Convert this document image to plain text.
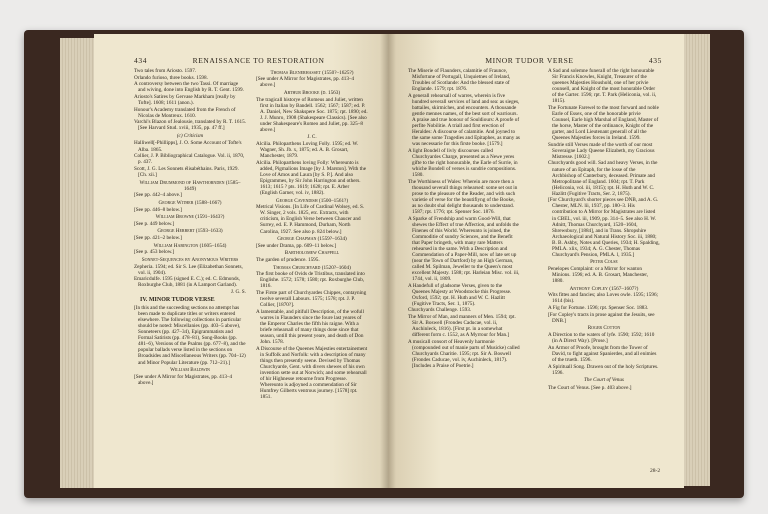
434	RENAISSANCE TO RESTORATION

Two tales from Ariosto. 1597.

Orlando furioso, three books. 1598.

A controversy between the two Tassi. Of marriage and wiving, done into English by R. T. Gent. 1599.

Ariosto's Satires by Gervase Markham [really by Tofte]. 1608; 1611 (anon.).

Honour's Academy translated from the French of Nicolas de Montreux. 1610.

Varchi's Blazon of Jealousie, translated by R. T. 1615. [See Harvard Stud. xviii, 1935, pp. 47 ff.]

(c) Criticism

Halliwell[-Phillipps], J. O. Some Account of Tofte's Alba. 1865.

Collier, J. P. Bibliographical Catalogue. Vol. ii, 1870, p. 437.

Scott, J. G. Les Sonnets élisabéthains. Paris, 1929. [Ch. xii.]

William Drummond of Hawthornden (1585–1649)

[See pp. 442–4 above.]

George Wither (1588–1667)

[See pp. 446–8 below.]

William Browne (1591–1643?)

[See p. 449 below.]

George Herbert (1593–1633)

[See pp. 421–2 below.]

William Habington (1605–1654)

[See p. 453 below.]

Sonnet-Sequences by Anonymous Writers

Zepheria. 1594; ed. Sir S. Lee (Elizabethan Sonnets, vol. ii, 1904).

Emaricdulfe. 1595 (signed E. C.); ed. C. Edmonds, Roxburghe Club, 1881 (in A Lamport Garland).

J. G. S.

IV. MINOR TUDOR VERSE

[In this and the succeeding sections no attempt has been made to duplicate titles or writers entered elsewhere. The following collections in particular should be noted: Miscellanies (pp. 403–5 above), Sonneteers (pp. 427–34), Epigrammatists and Formal Satirists (pp. 478–81), Song-Books (pp. 481–6), Versions of the Psalms (pp. 677–8), and the popular ballads verse listed in the sections on Broadsides and Miscellaneous Writers (pp. 704–12) and Minor Popular Literature (pp. 712–21).]

William Baldwin

[See under A Mirror for Magistrates, pp. 413–4 above.]

Thomas Blenerhasset (1550?–1625?)

[See under A Mirror for Magistrates, pp. 413–4 above.]

Arthur Brooke (d. 1563)

The tragicall historye of Romeus and Juliet, written first in Italian by Bandell. 1562; 1567; 1587; ed. P. A. Daniel, New Shakspere Soc. 1875; rpt. 1890; ed. J. J. Munro, 1908 (Shakespeare Classics). [See also under Shakespeare's Romeo and Juliet, pp. 325–8 above.]

J. C.

Alcilia. Philoparthens Loving Folly. 1595; ed. W. Wagner, Sh. Jb. x, 1875; ed. A. B. Grosart, Manchester, 1879.

Alcilia. Philoparthens loving Folly: Whereunto is added, Pigmalions Image [by J. Marston]. With the Love of Amos and Laura [by S. P.]. And also Epigrammes, by Sir John Harrington and others. 1613; 1615 ? pts. 1619; 1628; rpt. E. Arber (English Garner, vol. iv, 1882).

George Cavendish (1500–1561?)

Metrical Visions. [In Life of Cardinal Wolsey, ed. S. W. Singer, 2 vols. 1825, etc. Extracts, with criticism, in English Verse between Chaucer and Surrey, ed. E. P. Hammond, Durham, North Carolina, 1927. See also p. 824 below.]

George Chapman (1559?–1634)

[See under Drama, pp. 609–11 below.]

Bartholomew Chappell

The garden of prudence. 1595.

Thomas Churchyard (1520?–1604)

The first booke of Ovids de Tristibus, translated into Englishe. 1572; 1578; 1580; rpt. Roxburghe Club, 1816.

The Firste part of Churchyardes Chippes, contayning twelve severall Labours. 1575; 1578; rpt. J. P. Collier, [1870?].

A lamentable, and pitifull Description, of the wofull warres in Flaunders since the foure last yeares of the Emperor Charles the fifth his raigne. With a briefe rehearsall of many things done since that season, untill this present yeare, and death of Don John. 1578.

A Discourse of the Queenes Majesties entertainement in Suffolk and Norfolk: with a description of many things then presently seene. Devised by Thomas Churchyarde, Gent. with divers shewes of his own invention sette out at Norwich; and some rehearsall of hir Highnesse retourne from Progresse. Whereunto is adjoyned a commendation of Sir Humfrey Gilberts ventrous journey. [1578] rpt. 1851.

MINOR TUDOR VERSE	435

The Miserie of Flaunders, calamitie of Fraunce, Misfortune of Portugall, Unquietnes of Ireland, Troubles of Scotlande: And the blessed state of Englande. 1579; rpt. 1876.

A generall rehearsall of warres, wherein is five hundred severall services of land and sea: as sieges, battailes, skirmiches, and encounters. A thousande gentle mennes names, of the best sort of warriours. A praise and true honour of Souldiours: A proofe of perfite Nobilitie. A triall and first erection of Heraldes: A discourse of calamitie. And joyned to the same some Tragedies and Epitaphes, as many as was necessarie for this firste booke. [1579.]

A light Bondell of livly discourses called Churchyardes Charge, presented as a Newe yeres gifte to the right honourable, the Earle of Surrie, in whiche Bondell of verses is sundrie compositions. 1580.

The Worthiness of Wales: Wherein are more then a thousand severall things rehearsed: some set out in prose to the pleasure of the Reader, and with such varietie of verse for the beautifiyng of the Booke, as no doubt shal delight thousands to understand. 1587; rpt. 1776; rpt. Spenser Soc. 1876.

A Sparke of Frendship and warm Good-Will, that shewes the Effect of true Affection, and unfolds the Finenes of this World. Whereunto is joined, the Commoditie of sundry Sciences, and the Benefit that Paper bringeth, with many rare Matters rehearsed in the same. With a Description and Commendation of a Paper-Mill, now of late set up (near the Town of Dartford) by an High German, called M. Spilman, Jeweller to the Queen's most excellent Majesty. 1588; rpt. Harleian Misc. vol. iii, 1744, vol. ii, 1809.

A Handefull of gladsome Verses, given to the Queenes Majesty at Woodstocke this Progresse. Oxford, 1592; rpt. H. Huth and W. C. Hazlitt (Fugitive Tracts, Ser. 1, 1875).

Churchyards Challenge. 1593.

The Mirror of Man, and manners of Men. 1594; rpt. Sir A. Boswell (Frondes Caducae, vol. ii, Auchinleck, 1816). [First pt. in a somewhat different form c. 1552, as A Myrrour for Man.]

A musicall consort of Heavenly harmonie (compounded out of manie parts of Musicke) called Churchyards Charitie. 1595; rpt. Sir A. Boswell (Frondes Caducae, vol. iv, Auchinleck, 1817). [Includes a Praise of Poetrie.]

A Sad and solemne funerall of the right honourable Sir Francis Knowles, Knight, Treasurer of the queenes Majesties Houshold, one of her privie counsell, and Knight of the most honorable Order of the Garter. 1596; rpt. T. Park (Heliconia, vol. ii, 1815).

The Fortunate Farewel to the most forward and noble Earle of Essex, one of the honorable privie Counsel, Earle high Marshal of England, Master of the horse, Master of the ordinance, Knight of the garter, and Lord Lieutenant generall of all the Queenes Majesties forces in Ireland. 1599.

Sundrie still Verses made of the worth of our most Soveraigne Lady Queene Elizabeth, my Gracious Mistresse. [1602.]

Churchyards good will. Sad and heavy Verses, in the nature of an Epitaph, for the losse of the Archbishop of Canterbury, deceased. Primate and Metropolitane of England. 1604; rpt. T. Park (Heliconia, vol. iii, 1815); rpt. H. Huth and W. C. Hazlitt (Fugitive Tracts, Ser. 2, 1875).

[For Churchyard's shorter pieces see DNB, and A. G. Chester, MLN. lii, 1937, pp. 180–3. His contribution to A Mirror for Magistrates are listed in CBEL, vol. iii, 1909, pp. 314–5. See also H. W. Adnitt, Thomas Churchyard, 1520–1604, Shrewsbury, [1884], and in Trans. Shropshire Archaeological and Natural History Soc. iii, 1880; B. B. Ashby, Notes and Queries, 1934; H. Spalding, PMLA. xlix, 1934; A. G. Chester, Thomas Churchyard's Pension, PMLA. l, 1935.]

Peter Colse

Penelopes Complaint: or a Mirror for wanton Minions. 1596; ed. A. B. Grosart, Manchester, 1880.

Anthony Copley (1567–1607?)

Wits fittes and fancies; also Loves owle. 1595; 1596; 1614 (bis).

A Fig for Fortune. 1596; rpt. Spenser Soc. 1883.

[For Copley's tracts in prose against the Jesuits, see DNB.]

Roger Cotton

A Direction to the waters of lyfe. 1590; 1592; 1610 (in A Direct Way). [Prose.]

An Armor of Proofe, brought from the Tower of David, to fight against Spanierdes, and all enimies of the trueth. 1596.

A Spirituall Song. Drawen out of the holy Scriptures. 1596.

The Court of Venus

The Court of Venus. [See p. 403 above.]

28-2
